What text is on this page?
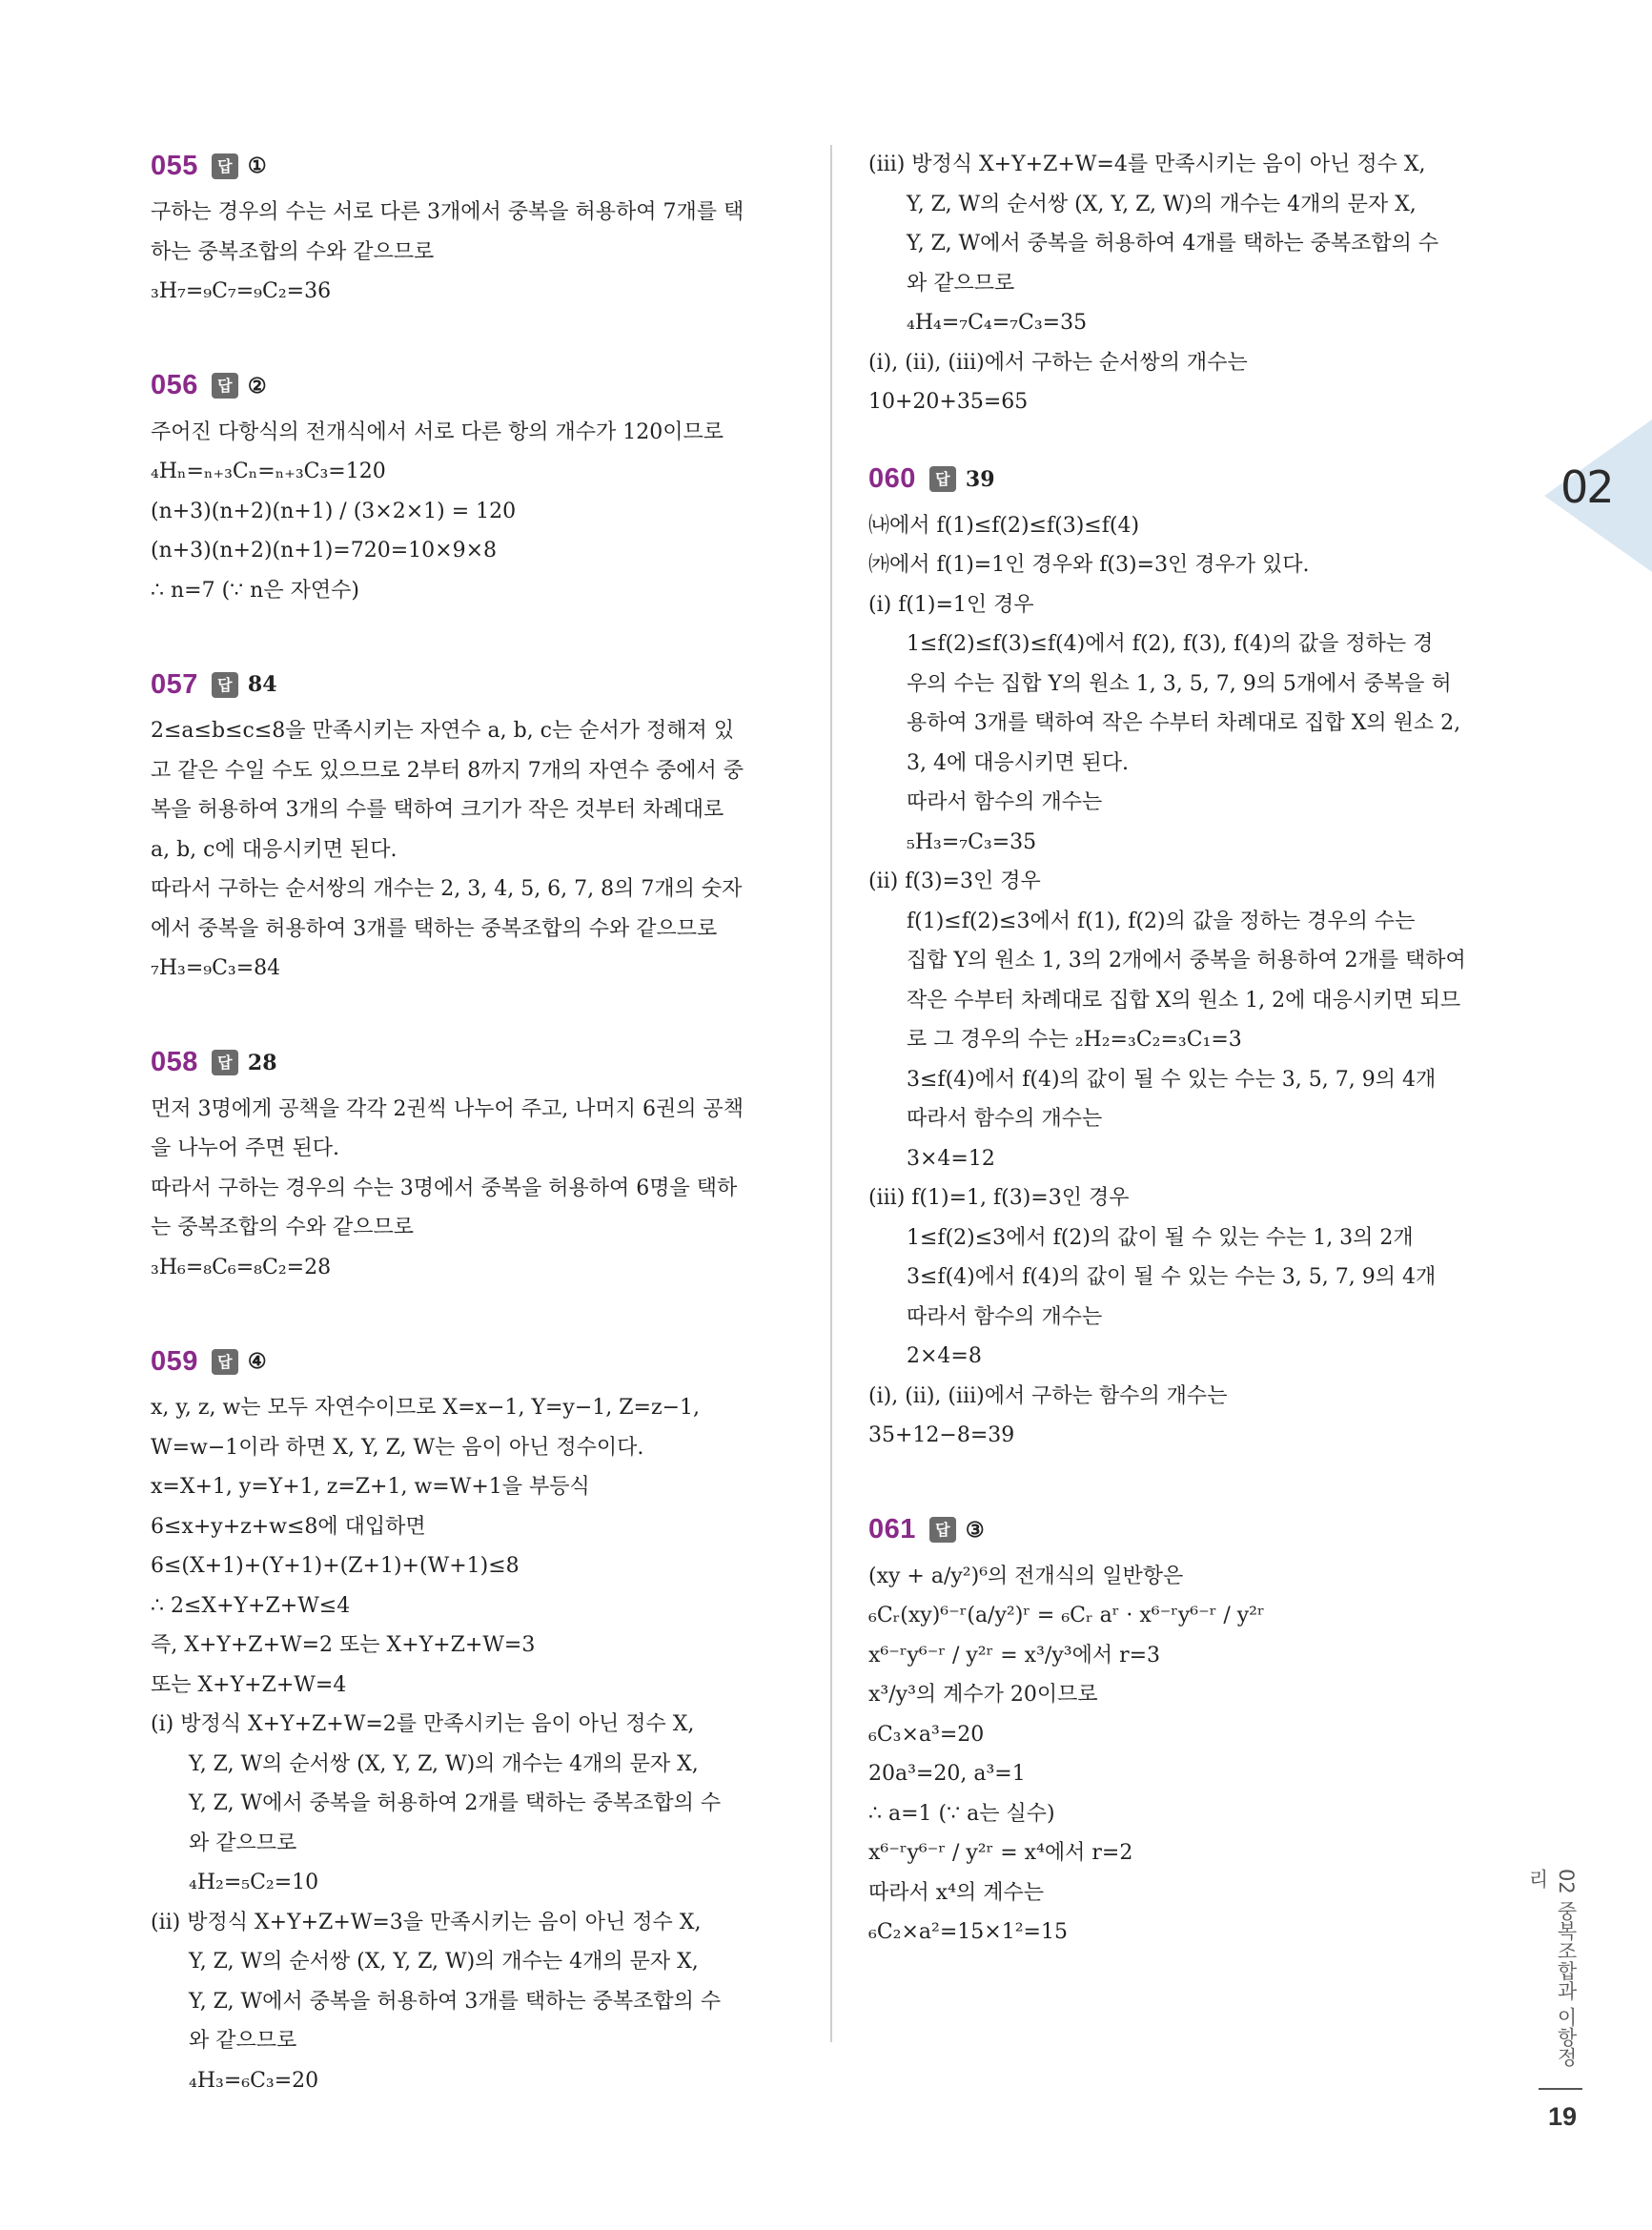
055	답 ①
구하는 경우의 수는 서로 다른 3개에서 중복을 허용하여 7개를 택
하는 중복조합의 수와 같으므로
₃H₇=₉C₇=₉C₂=36
056	답 ②
주어진 다항식의 전개식에서 서로 다른 항의 개수가 120이므로
₄Hₙ=ₙ₊₃Cₙ=ₙ₊₃C₃=120
(n+3)(n+2)(n+1) / (3×2×1) = 120
(n+3)(n+2)(n+1)=720=10×9×8
∴ n=7 (∵ n은 자연수)
057	답 84
2≤a≤b≤c≤8을 만족시키는 자연수 a, b, c는 순서가 정해져 있
고 같은 수일 수도 있으므로 2부터 8까지 7개의 자연수 중에서 중
복을 허용하여 3개의 수를 택하여 크기가 작은 것부터 차례대로
a, b, c에 대응시키면 된다.
따라서 구하는 순서쌍의 개수는 2, 3, 4, 5, 6, 7, 8의 7개의 숫자
에서 중복을 허용하여 3개를 택하는 중복조합의 수와 같으므로
₇H₃=₉C₃=84
058	답 28
먼저 3명에게 공책을 각각 2권씩 나누어 주고, 나머지 6권의 공책
을 나누어 주면 된다.
따라서 구하는 경우의 수는 3명에서 중복을 허용하여 6명을 택하
는 중복조합의 수와 같으므로
₃H₆=₈C₆=₈C₂=28
059	답 ④
x, y, z, w는 모두 자연수이므로 X=x−1, Y=y−1, Z=z−1,
W=w−1이라 하면 X, Y, Z, W는 음이 아닌 정수이다.
x=X+1, y=Y+1, z=Z+1, w=W+1을 부등식
6≤x+y+z+w≤8에 대입하면
6≤(X+1)+(Y+1)+(Z+1)+(W+1)≤8
∴ 2≤X+Y+Z+W≤4
즉, X+Y+Z+W=2 또는 X+Y+Z+W=3
또는 X+Y+Z+W=4
(ⅰ) 방정식 X+Y+Z+W=2를 만족시키는 음이 아닌 정수 X,
Y, Z, W의 순서쌍 (X, Y, Z, W)의 개수는 4개의 문자 X,
Y, Z, W에서 중복을 허용하여 2개를 택하는 중복조합의 수
와 같으므로
₄H₂=₅C₂=10
(ⅱ) 방정식 X+Y+Z+W=3을 만족시키는 음이 아닌 정수 X,
Y, Z, W의 순서쌍 (X, Y, Z, W)의 개수는 4개의 문자 X,
Y, Z, W에서 중복을 허용하여 3개를 택하는 중복조합의 수
와 같으므로
₄H₃=₆C₃=20
(ⅲ) 방정식 X+Y+Z+W=4를 만족시키는 음이 아닌 정수 X,
Y, Z, W의 순서쌍 (X, Y, Z, W)의 개수는 4개의 문자 X,
Y, Z, W에서 중복을 허용하여 4개를 택하는 중복조합의 수
와 같으므로
₄H₄=₇C₄=₇C₃=35
(ⅰ), (ⅱ), (ⅲ)에서 구하는 순서쌍의 개수는
10+20+35=65
060	답 39
㈏에서 f(1)≤f(2)≤f(3)≤f(4)
㈎에서 f(1)=1인 경우와 f(3)=3인 경우가 있다.
(ⅰ) f(1)=1인 경우
1≤f(2)≤f(3)≤f(4)에서 f(2), f(3), f(4)의 값을 정하는 경
우의 수는 집합 Y의 원소 1, 3, 5, 7, 9의 5개에서 중복을 허
용하여 3개를 택하여 작은 수부터 차례대로 집합 X의 원소 2,
3, 4에 대응시키면 된다.
따라서 함수의 개수는
₅H₃=₇C₃=35
(ⅱ) f(3)=3인 경우
f(1)≤f(2)≤3에서 f(1), f(2)의 값을 정하는 경우의 수는
집합 Y의 원소 1, 3의 2개에서 중복을 허용하여 2개를 택하여
작은 수부터 차례대로 집합 X의 원소 1, 2에 대응시키면 되므
로 그 경우의 수는 ₂H₂=₃C₂=₃C₁=3
3≤f(4)에서 f(4)의 값이 될 수 있는 수는 3, 5, 7, 9의 4개
따라서 함수의 개수는
3×4=12
(ⅲ) f(1)=1, f(3)=3인 경우
1≤f(2)≤3에서 f(2)의 값이 될 수 있는 수는 1, 3의 2개
3≤f(4)에서 f(4)의 값이 될 수 있는 수는 3, 5, 7, 9의 4개
따라서 함수의 개수는
2×4=8
(ⅰ), (ⅱ), (ⅲ)에서 구하는 함수의 개수는
35+12−8=39
061	답 ③
(xy + a/y²)⁶의 전개식의 일반항은
₆Cᵣ(xy)⁶⁻ʳ(a/y²)ʳ = ₆Cᵣ aʳ · x⁶⁻ʳy⁶⁻ʳ / y²ʳ
x⁶⁻ʳy⁶⁻ʳ / y²ʳ = x³/y³에서 r=3
x³/y³의 계수가 20이므로
₆C₃×a³=20
20a³=20, a³=1
∴ a=1 (∵ a는 실수)
x⁶⁻ʳy⁶⁻ʳ / y²ʳ = x⁴에서 r=2
따라서 x⁴의 계수는
₆C₂×a²=15×1²=15
02
02 중복조합과 이항정리
19
